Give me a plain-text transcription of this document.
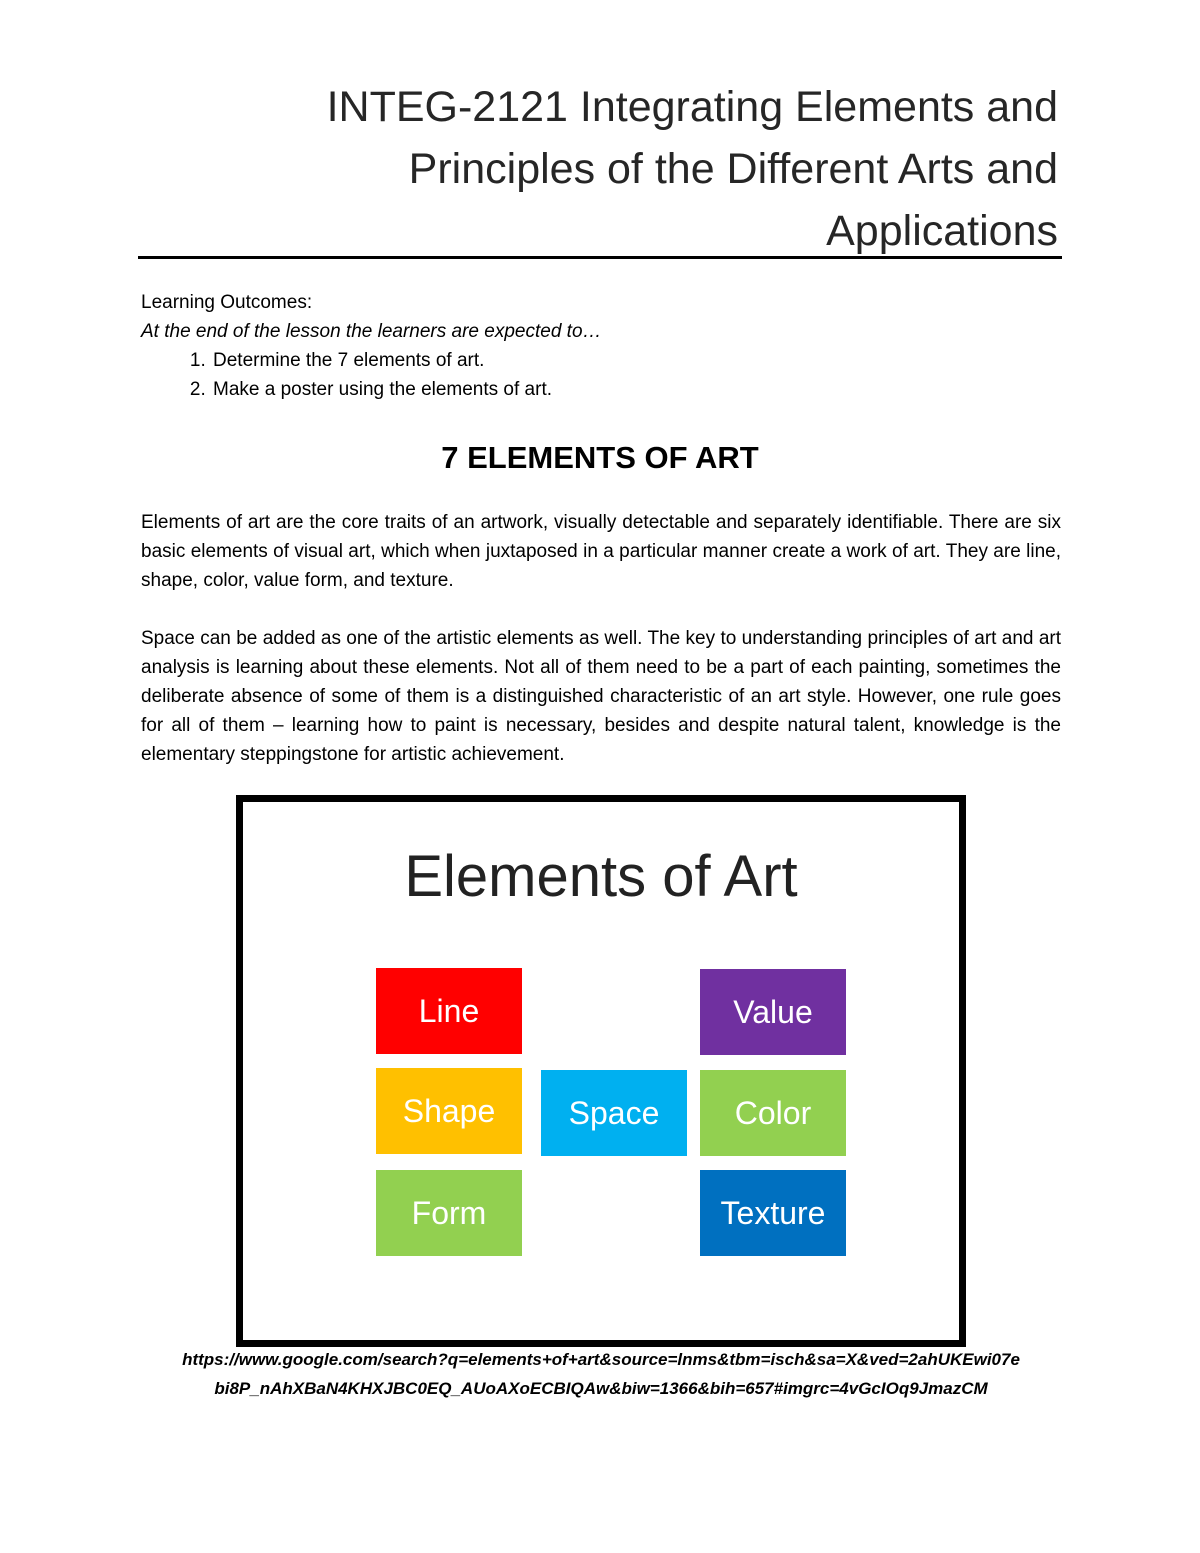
INTEG-2121 Integrating Elements and
Principles of the Different Arts and
Applications

Learning Outcomes:

At the end of the lesson the learners are expected to…

1. Determine the 7 elements of art.
2. Make a poster using the elements of art.
7 ELEMENTS OF ART

Elements of art are the core traits of an artwork, visually detectable and separately identifiable. There are six basic elements of visual art, which when juxtaposed in a particular manner create a work of art. They are line, shape, color, value form, and texture.

Space can be added as one of the artistic elements as well. The key to understanding principles of art and art analysis is learning about these elements. Not all of them need to be a part of each painting, sometimes the deliberate absence of some of them is a distinguished characteristic of an art style. However, one rule goes for all of them – learning how to paint is necessary, besides and despite natural talent, knowledge is the elementary steppingstone for artistic achievement.

Elements of Art
Line	Value
Shape	Space	Color
Form	Texture
https://www.google.com/search?q=elements+of+art&source=lnms&tbm=isch&sa=X&ved=2ahUKEwi07e
bi8P_nAhXBaN4KHXJBC0EQ_AUoAXoECBIQAw&biw=1366&bih=657#imgrc=4vGcIOq9JmazCM
